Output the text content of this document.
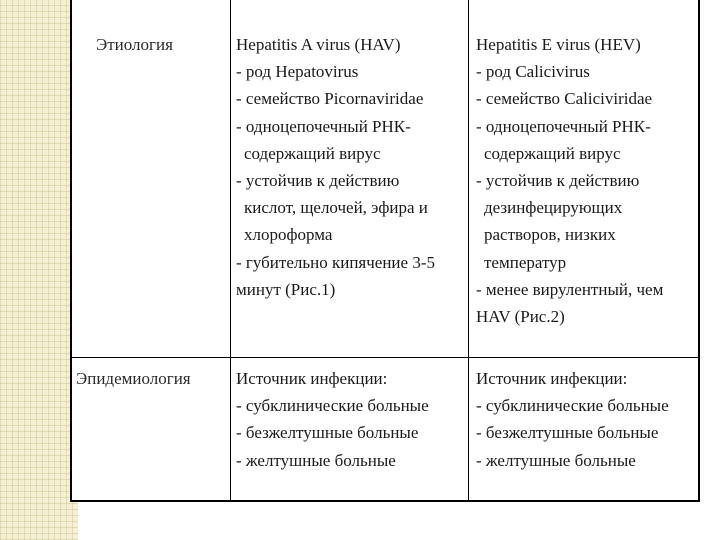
Этиология	Hepatitis A virus (HAV)
- род Hepatovirus
- семейство Picornaviridae
- одноцепочечный РНК-
содержащий вирус
- устойчив к действию
кислот, щелочей, эфира и
хлороформа
- губительно кипячение 3-5
минут (Рис.1)
Hepatitis E virus (HEV)
- род Calicivirus
- семейство Caliciviridae
- одноцепочечный РНК-
содержащий вирус
- устойчив к действию
дезинфецирующих
растворов, низких
температур
- менее вирулентный, чем
HAV (Рис.2)
Эпидемиология	Источник инфекции:
- субклинические больные
- безжелтушные больные
- желтушные больные
Источник инфекции:
- субклинические больные
- безжелтушные больные
- желтушные больные
